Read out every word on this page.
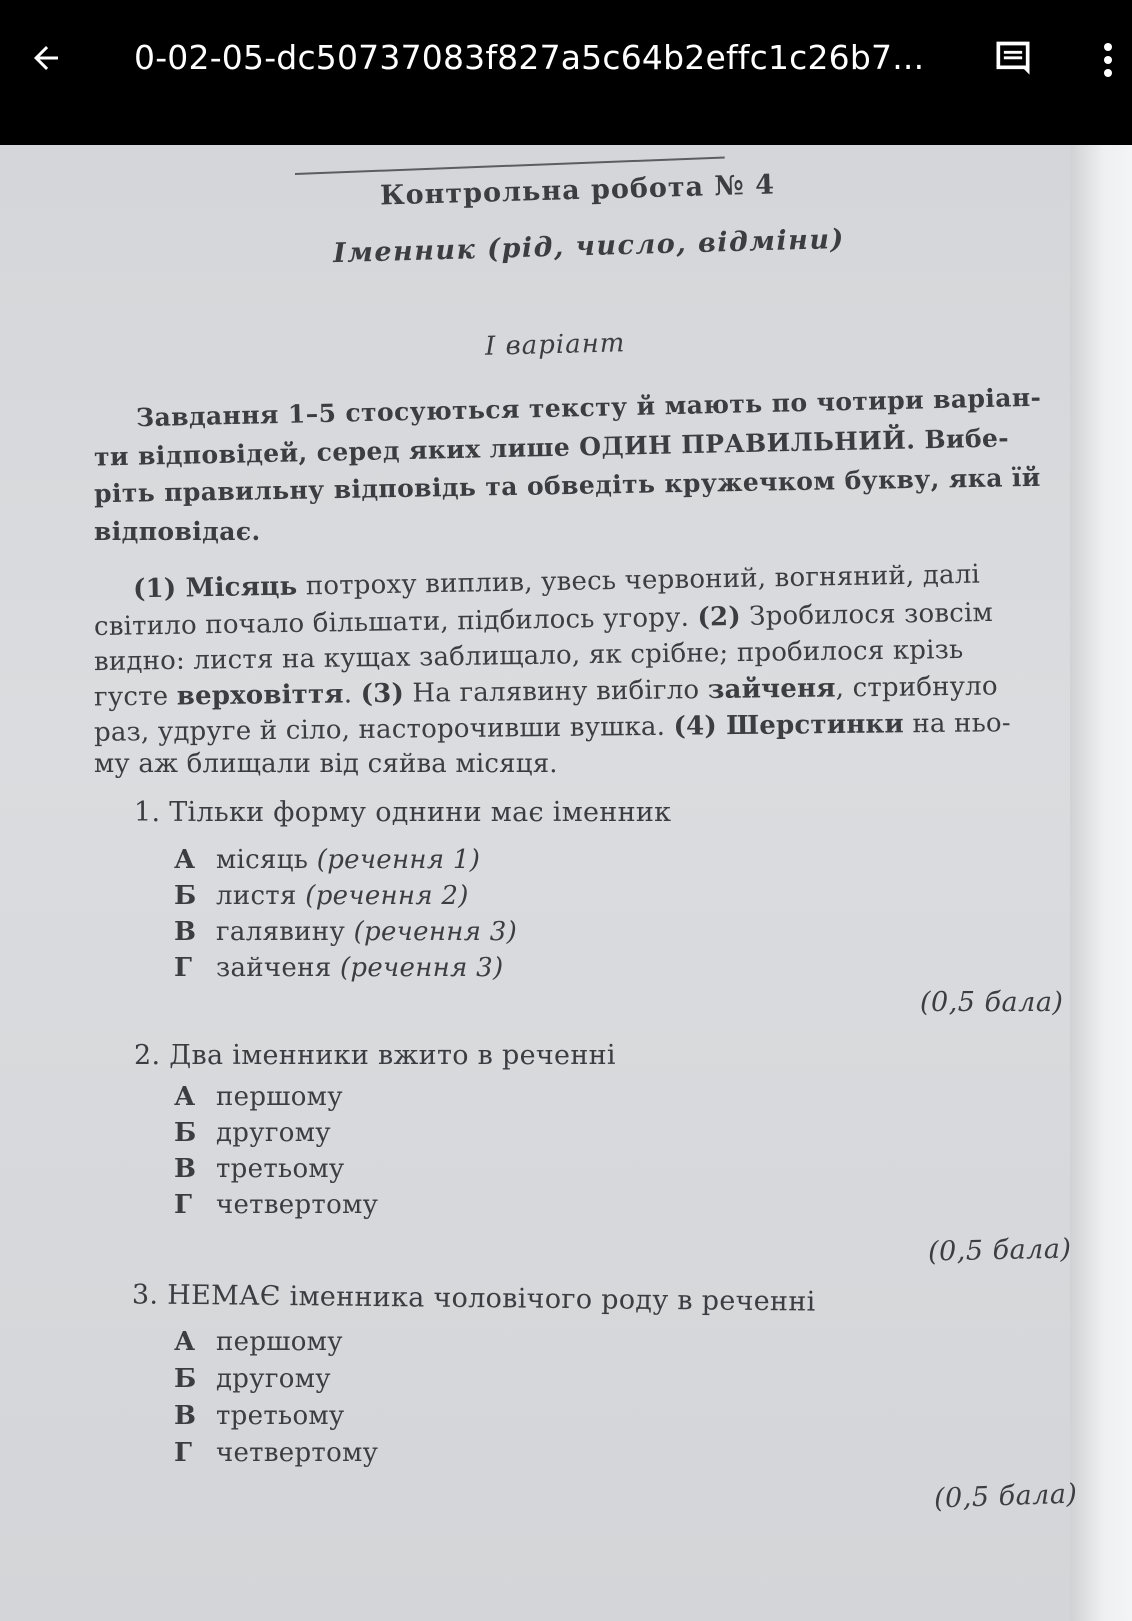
0-02-05-dc50737083f827a5c64b2effc1c26b7...
Контрольна робота № 4
Іменник (рід, число, відміни)
І варіант
Завдання 1–5 стосуються тексту й мають по чотири варіан-
ти відповідей, серед яких лише ОДИН ПРАВИЛЬНИЙ. Вибе-
ріть правильну відповідь та обведіть кружечком букву, яка їй
відповідає.
(1) Місяць потроху виплив, увесь червоний, вогняний, далі
світило почало більшати, підбилось угору. (2) Зробилося зовсім
видно: листя на кущах заблищало, як срібне; пробилося крізь
густе верховіття. (3) На галявину вибігло зайченя, стрибнуло
раз, удруге й сіло, насторочивши вушка. (4) Шерстинки на ньо-
му аж блищали від сяйва місяця.
1. Тільки форму однини має іменник
А місяць (речення 1)
Б листя (речення 2)
В галявину (речення 3)
Г зайченя (речення 3)
(0,5 бала)
2. Два іменники вжито в реченні
А першому
Б другому
В третьому
Г четвертому
(0,5 бала)
3. НЕМАЄ іменника чоловічого роду в реченні
А першому
Б другому
В третьому
Г четвертому
(0,5 бала)
